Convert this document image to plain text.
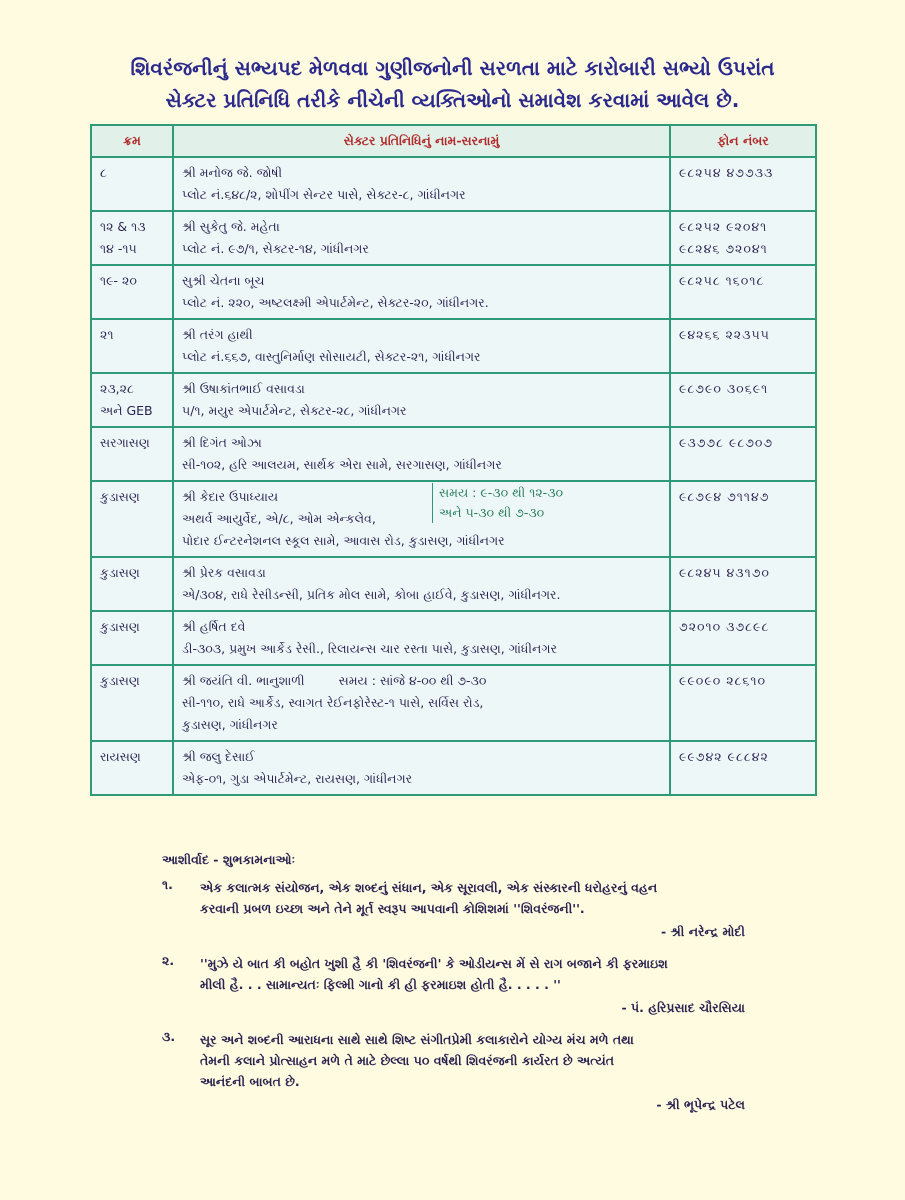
શિવરંજનીનું સભ્યપદ મેળવવા ગુણીજનોની સરળતા માટે કારોબારી સભ્યો ઉપરાંત
સેક્ટર પ્રતિનિધિ તરીકે નીચેની વ્યક્તિઓનો સમાવેશ કરવામાં આવેલ છે.
ક્રમ	સેક્ટર પ્રતિનિધિનું નામ-સરનામું	ફોન નંબર
૮	શ્રી મનોજ જે. જોષી
પ્લોટ નં.૬૪૮/૨, શોપીંગ સેન્ટર પાસે, સેક્ટર-૮, ગાંધીનગર	૯૮૨૫૪ ૪૭૭૩૩
૧૨ & ૧૩
૧૪ -૧૫	શ્રી સુકેતુ જે. મહેતા
પ્લોટ નં. ૯૭/૧, સેક્ટર-૧૪, ગાંધીનગર	૯૮૨૫૨ ૯૨૦૪૧
૯૮૨૪૬ ૭૨૦૪૧
૧૯- ૨૦	સુશ્રી ચેતના બૂચ
પ્લોટ નં. ૨૨૦, અષ્ટલક્ષ્મી એપાર્ટમેન્ટ, સેક્ટર-૨૦, ગાંધીનગર.	૯૮૨૫૮ ૧૬૦૧૮
૨૧	શ્રી તરંગ હાથી
પ્લોટ નં.૬૬૭, વાસ્તુનિર્માણ સોસાયટી, સેક્ટર-૨૧, ગાંધીનગર	૯૪૨૬૬ ૨૨૩૫૫
૨૩,૨૮
અને GEB	શ્રી ઉષાકાંતભાઈ વસાવડા
૫/૧, મયુર એપાર્ટમેન્ટ, સેક્ટર-૨૮, ગાંધીનગર	૯૮૭૯૦ ૩૦૬૯૧
સરગાસણ	શ્રી દિગંત ઓઝા
સી-૧૦૨, હરિ આલયમ, સાર્થક એરા સામે, સરગાસણ, ગાંધીનગર	૯૩૭૭૮ ૯૮૭૦૭
કુડાસણ	શ્રી કેદાર ઉપાધ્યાય સમય : ૯-૩૦ થી ૧૨-૩૦
અને ૫-૩૦ થી ૭-૩૦
અથર્વ આયુર્વેદ, એ/૮, ઓમ એન્કલેવ,
પોદાર ઈન્ટરનેશનલ સ્કૂલ સામે, આવાસ રોડ, કુડાસણ, ગાંધીનગર	૯૮૭૯૪ ૭૧૧૪૭
કુડાસણ	શ્રી પ્રેરક વસાવડા
એ/૩૦૪, રાધે રેસીડન્સી, પ્રતિક મોલ સામે, કોબા હાઈવે, કુડાસણ, ગાંધીનગર.	૯૮૨૪૫ ૪૩૧૭૦
કુડાસણ	શ્રી હર્ષિત દવે
ડી-૩૦૩, પ્રમુખ આર્કેડ રેસી., રિલાયન્સ ચાર રસ્તા પાસે, કુડાસણ, ગાંધીનગર	૭૨૦૧૦ ૩૭૮૯૮
કુડાસણ	શ્રી જયંતિ વી. ભાનુશાળી સમય : સાંજે ૪-૦૦ થી ૭-૩૦
સી-૧૧૦, રાધે આર્કેડ, સ્વાગત રેઈનફોરેસ્ટ-૧ પાસે, સર્વિસ રોડ,
કુડાસણ, ગાંધીનગર	૯૯૦૯૦ ૨૮૬૧૦
રાયસણ	શ્રી જલુ દેસાઈ
એફ-૦૧, ગુડા એપાર્ટમેન્ટ, રાયસણ, ગાંધીનગર	૯૯૭૪૨ ૯૮૮૪૨
આશીર્વાદ - શુભકામનાઓઃ
૧.	એક કલાત્મક સંયોજન, એક શબ્દનું સંધાન, એક સૂરાવલી, એક સંસ્કારની ધરોહરનું વહન
કરવાની પ્રબળ ઇચ્છા અને તેને મૂર્ત સ્વરૂપ આપવાની કોશિશમાં ''શિવરંજની''.
- શ્રી નરેન્દ્ર મોદી
૨.	''મુઝે યે બાત કી બહોત ખુશી હૈ કી 'શિવરંજની' કે ઓડીયન્સ મેં સે રાગ બજાને કી ફરમાઇશ
મીલી હૈ. . . સામાન્યતઃ ફિલ્મી ગાનો કી હી ફરમાઇશ હોતી હૈ. . . . . ''
- પં. હરિપ્રસાદ ચૌરસિયા
૩.	સૂર અને શબ્દની આરાધના સાથે સાથે શિષ્ટ સંગીતપ્રેમી કલાકારોને યોગ્ય મંચ મળે તથા
તેમની કલાને પ્રોત્સાહન મળે તે માટે છેલ્લા ૫૦ વર્ષથી શિવરંજની કાર્યરત છે અત્યંત
આનંદની બાબત છે.
- શ્રી ભૂપેન્દ્ર પટેલ
